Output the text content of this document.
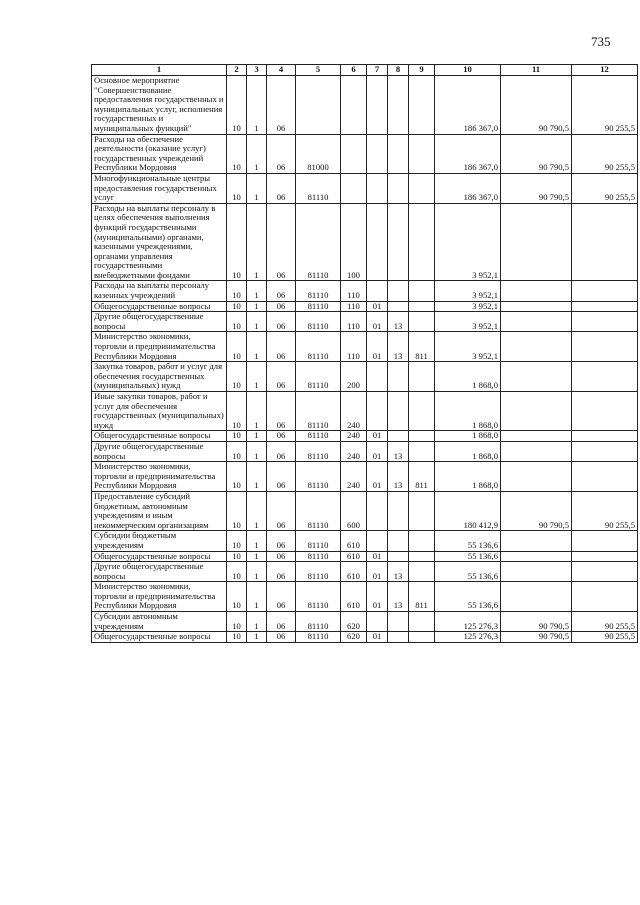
735
1	2	3	4	5	6	7	8	9	10	11	12
Основное мероприятие "Совершенствование предоставления государственных и муниципальных услуг, исполнения государственных и муниципальных функций"	10	1	06						186 367,0	90 790,5	90 255,5
Расходы на обеспечение деятельности (оказание услуг) государственных учреждений Республики Мордовия	10	1	06	81000					186 367,0	90 790,5	90 255,5
Многофункциональные центры предоставления государственных услуг	10	1	06	81110					186 367,0	90 790,5	90 255,5
Расходы на выплаты персоналу в целях обеспечения выполнения функций государственными (муниципальными) органами, казенными учреждениями, органами управления государственными внебюджетными фондами	10	1	06	81110	100				3 952,1		
Расходы на выплаты персоналу казенных учреждений	10	1	06	81110	110				3 952,1		
Общегосударственные вопросы	10	1	06	81110	110	01			3 952,1		
Другие общегосударственные вопросы	10	1	06	81110	110	01	13		3 952,1		
Министерство экономики, торговли и предпринимательства Республики Мордовия	10	1	06	81110	110	01	13	811	3 952,1		
Закупка товаров, работ и услуг для обеспечения государственных (муниципальных) нужд	10	1	06	81110	200				1 868,0		
Иные закупки товаров, работ и услуг для обеспечения государственных (муниципальных) нужд	10	1	06	81110	240				1 868,0		
Общегосударственные вопросы	10	1	06	81110	240	01			1 868,0		
Другие общегосударственные вопросы	10	1	06	81110	240	01	13		1 868,0		
Министерство экономики, торговли и предпринимательства Республики Мордовия	10	1	06	81110	240	01	13	811	1 868,0		
Предоставление субсидий бюджетным, автономным учреждениям и иным некоммерческим организациям	10	1	06	81110	600				180 412,9	90 790,5	90 255,5
Субсидии бюджетным учреждениям	10	1	06	81110	610				55 136,6		
Общегосударственные вопросы	10	1	06	81110	610	01			55 136,6		
Другие общегосударственные вопросы	10	1	06	81110	610	01	13		55 136,6		
Министерство экономики, торговли и предпринимательства Республики Мордовия	10	1	06	81110	610	01	13	811	55 136,6		
Субсидии автономным учреждениям	10	1	06	81110	620				125 276,3	90 790,5	90 255,5
Общегосударственные вопросы	10	1	06	81110	620	01			125 276,3	90 790,5	90 255,5
